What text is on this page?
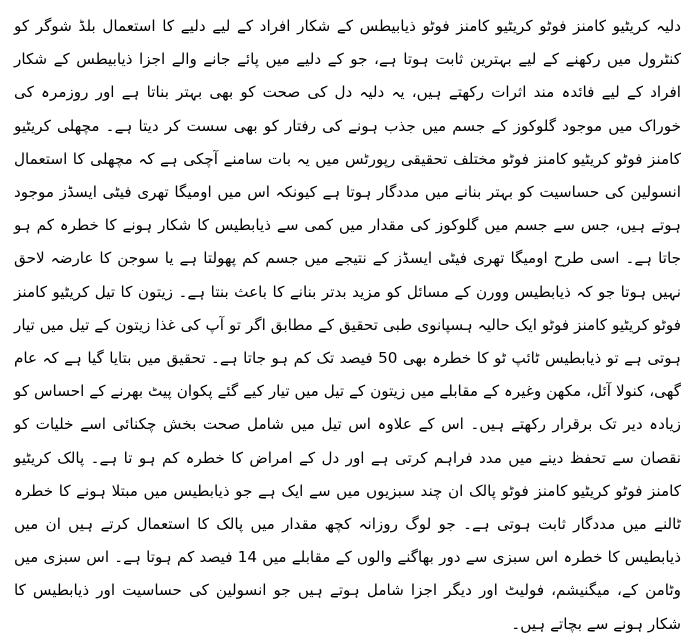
دلیہ کریٹیو کامنز فوٹو کریٹیو کامنز فوٹو ذیابیطس کے شکار افراد کے لیے دلیے کا استعمال بلڈ شوگر کو کنٹرول میں رکھنے کے لیے بہترین ثابت ہوتا ہے، جو کے دلیے میں پائے جانے والے اجزا ذیابیطس کے شکار افراد کے لیے فائدہ مند اثرات رکھتے ہیں، یہ دلیہ دل کی صحت کو بھی بہتر بناتا ہے اور روزمرہ کی خوراک میں موجود گلوکوز کے جسم میں جذب ہونے کی رفتار کو بھی سست کر دیتا ہے۔ مچھلی کریٹیو کامنز فوٹو کریٹیو کامنز فوٹو مختلف تحقیقی رپورٹس میں یہ بات سامنے آچکی ہے کہ مچھلی کا استعمال انسولین کی حساسیت کو بہتر بنانے میں مددگار ہوتا ہے کیونکہ اس میں اومیگا تھری فیٹی ایسڈز موجود ہوتے ہیں، جس سے جسم میں گلوکوز کی مقدار میں کمی سے ذیابطیس کا شکار ہونے کا خطرہ کم ہو جاتا ہے۔ اسی طرح اومیگا تھری فیٹی ایسڈز کے نتیجے میں جسم کم پھولتا ہے یا سوجن کا عارضہ لاحق نہیں ہوتا جو کہ ذیابطیس وورن کے مسائل کو مزید بدتر بنانے کا باعث بنتا ہے۔ زیتون کا تیل کریٹیو کامنز فوٹو کریٹیو کامنز فوٹو ایک حالیہ ہسپانوی طبی تحقیق کے مطابق اگر تو آپ کی غذا زیتون کے تیل میں تیار ہوتی ہے تو ذیابطیس ٹائپ ٹو کا خطرہ بھی 50 فیصد تک کم ہو جاتا ہے۔ تحقیق میں بتایا گیا ہے کہ عام گھی، کنولا آئل، مکھن وغیرہ کے مقابلے میں زیتون کے تیل میں تیار کیے گئے پکوان پیٹ بھرنے کے احساس کو زیادہ دیر تک برقرار رکھتے ہیں۔ اس کے علاوہ اس تیل میں شامل صحت بخش چکنائی اسے خلیات کو نقصان سے تحفظ دینے میں مدد فراہم کرتی ہے اور دل کے امراض کا خطرہ کم ہو تا ہے۔ پالک کریٹیو کامنز فوٹو کریٹیو کامنز فوٹو پالک ان چند سبزیوں میں سے ایک ہے جو ذیابطیس میں مبتلا ہونے کا خطرہ ٹالنے میں مددگار ثابت ہوتی ہے۔ جو لوگ روزانہ کچھ مقدار میں پالک کا استعمال کرتے ہیں ان میں ذیابطیس کا خطرہ اس سبزی سے دور بھاگنے والوں کے مقابلے میں 14 فیصد کم ہوتا ہے۔ اس سبزی میں وٹامن کے، میگنیشم، فولیٹ اور دیگر اجزا شامل ہوتے ہیں جو انسولین کی حساسیت اور ذیابطیس کا شکار ہونے سے بچاتے ہیں۔
